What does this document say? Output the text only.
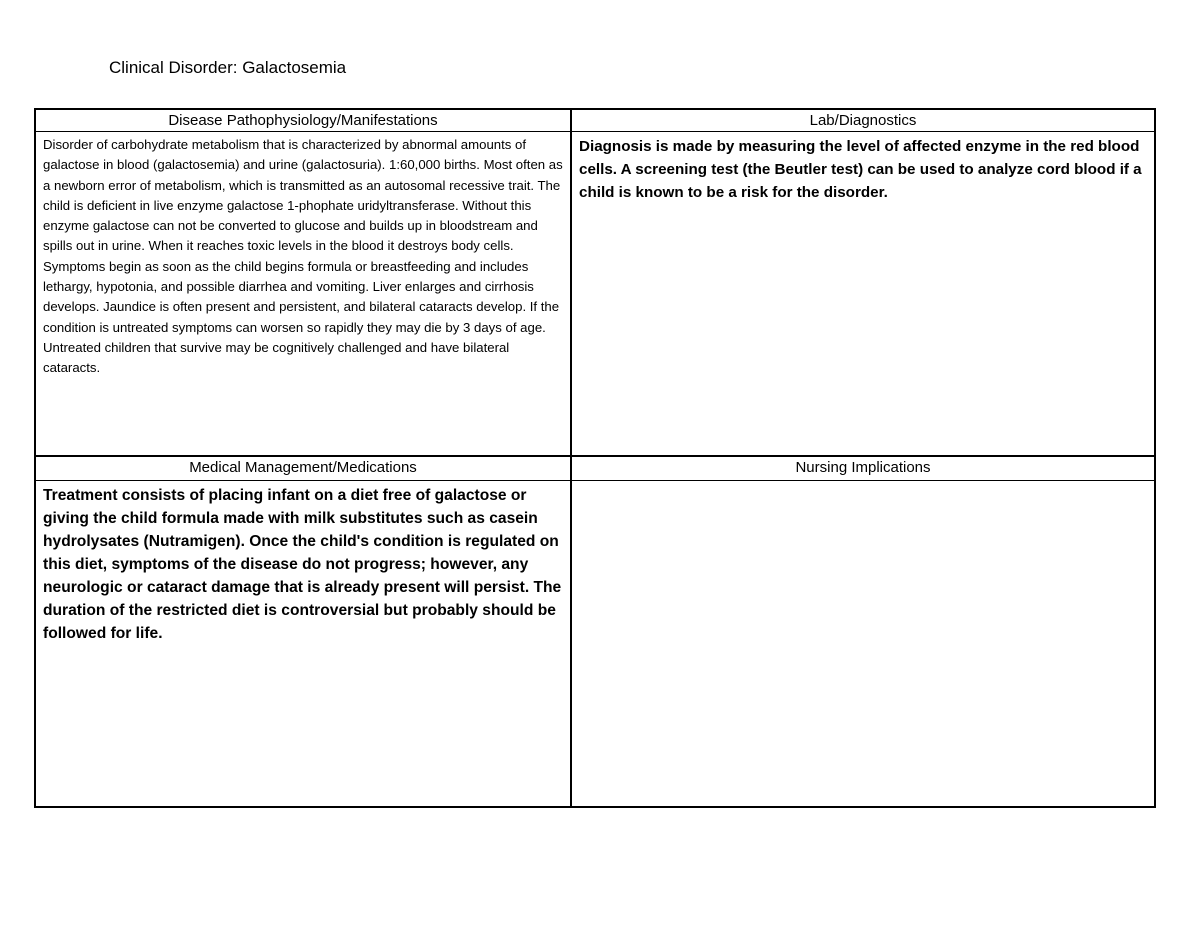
Clinical Disorder: Galactosemia
Disease Pathophysiology/Manifestations	Lab/Diagnostics
Disorder of carbohydrate metabolism that is characterized by abnormal amounts of galactose in blood (galactosemia) and urine (galactosuria). 1:60,000 births. Most often as a newborn error of metabolism, which is transmitted as an autosomal recessive trait. The child is deficient in live enzyme galactose 1-phophate uridyltransferase. Without this enzyme galactose can not be converted to glucose and builds up in bloodstream and spills out in urine. When it reaches toxic levels in the blood it destroys body cells. Symptoms begin as soon as the child begins formula or breastfeeding and includes lethargy, hypotonia, and possible diarrhea and vomiting. Liver enlarges and cirrhosis develops. Jaundice is often present and persistent, and bilateral cataracts develop. If the condition is untreated symptoms can worsen so rapidly they may die by 3 days of age. Untreated children that survive may be cognitively challenged and have bilateral cataracts.
Diagnosis is made by measuring the level of affected enzyme in the red blood cells. A screening test (the Beutler test) can be used to analyze cord blood if a child is known to be a risk for the disorder.
Medical Management/Medications	Nursing Implications
Treatment consists of placing infant on a diet free of galactose or giving the child formula made with milk substitutes such as casein hydrolysates (Nutramigen). Once the child's condition is regulated on this diet, symptoms of the disease do not progress; however, any neurologic or cataract damage that is already present will persist. The duration of the restricted diet is controversial but probably should be followed for life.
